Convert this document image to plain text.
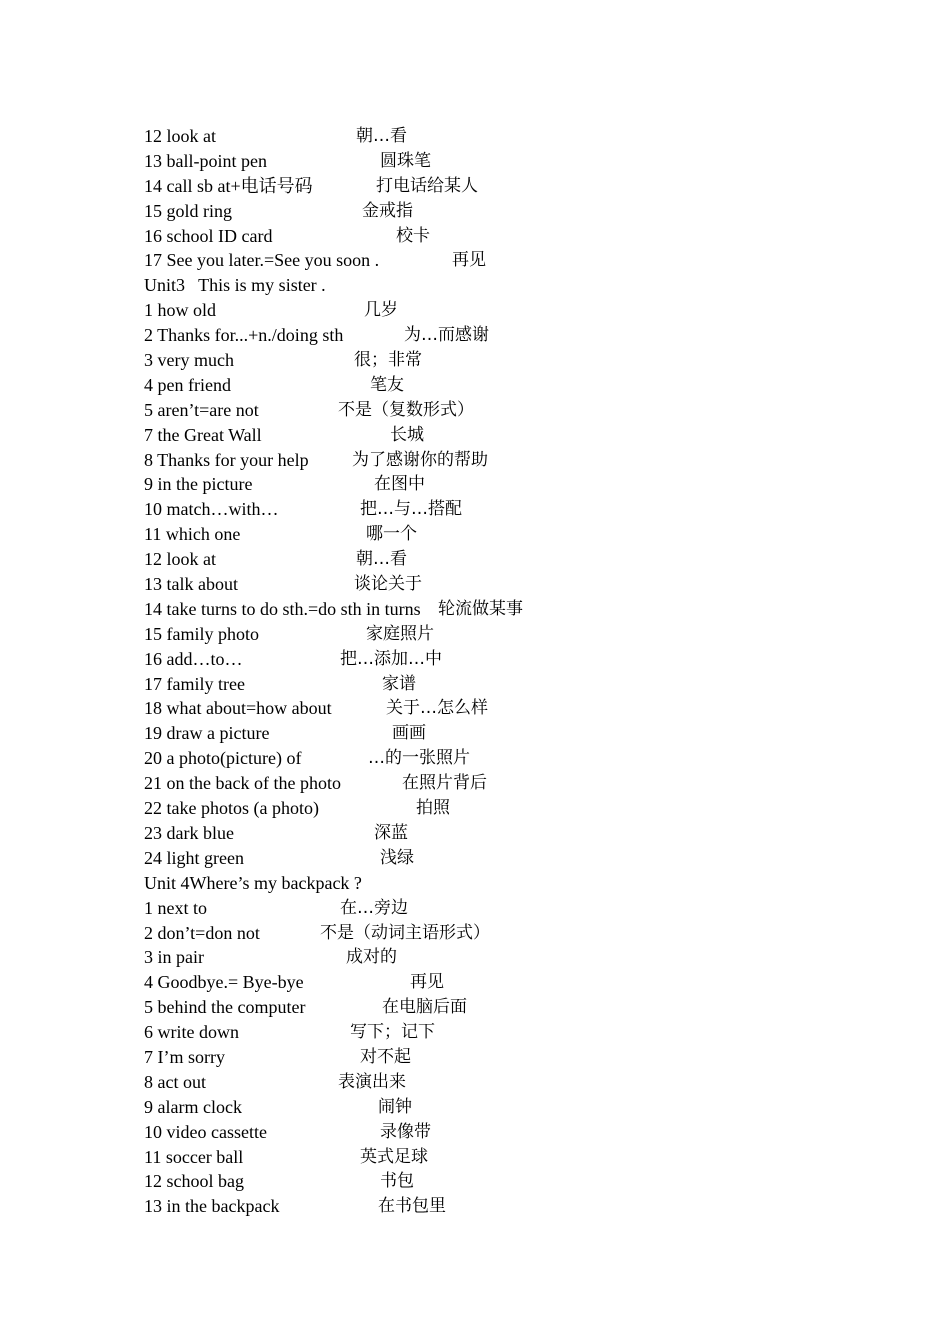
12 look at	朝…看
13 ball-point pen	圆珠笔
14 call sb at+电话号码	打电话给某人
15 gold ring	金戒指
16 school ID card	校卡
17 See you later.=See you soon .	再见
Unit3   This is my sister .
1 how old	几岁
2 Thanks for...+n./doing sth	为…而感谢
3 very much	很；非常
4 pen friend	笔友
5 aren’t=are not	不是（复数形式）
7 the Great Wall	长城
8 Thanks for your help	为了感谢你的帮助
9 in the picture	在图中
10 match…with…	把…与…搭配
11 which one	哪一个
12 look at	朝…看
13 talk about	谈论关于
14 take turns to do sth.=do sth in turns 轮流做某事
15 family photo	家庭照片
16 add…to…	把…添加…中
17 family tree	家谱
18 what about=how about	关于…怎么样
19 draw a picture	画画
20 a photo(picture) of	…的一张照片
21 on the back of the photo	在照片背后
22 take photos (a photo)	拍照
23 dark blue	深蓝
24 light green	浅绿
Unit 4Where’s my backpack ?
1 next to	在…旁边
2 don’t=don not	不是（动词主语形式）
3 in pair	成对的
4 Goodbye.= Bye-bye	再见
5 behind the computer	在电脑后面
6 write down	写下；记下
7 I’m sorry	对不起
8 act out	表演出来
9 alarm clock	闹钟
10 video cassette	录像带
11 soccer ball	英式足球
12 school bag	书包
13 in the backpack	在书包里
